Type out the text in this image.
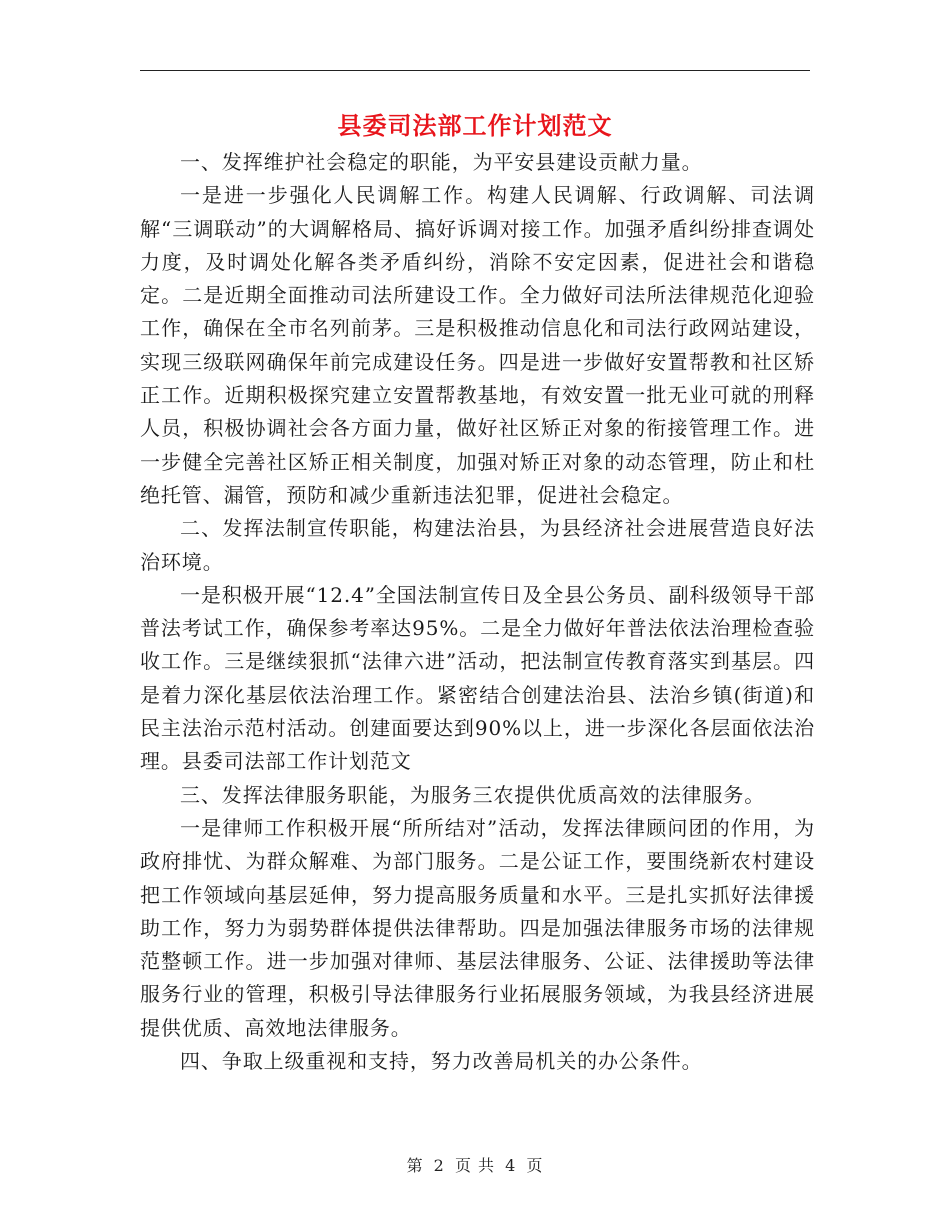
县委司法部工作计划范文

一、发挥维护社会稳定的职能，为平安县建设贡献力量。

一是进一步强化人民调解工作。构建人民调解、行政调解、司法调解“三调联动”的大调解格局、搞好诉调对接工作。加强矛盾纠纷排查调处力度，及时调处化解各类矛盾纠纷，消除不安定因素，促进社会和谐稳定。二是近期全面推动司法所建设工作。全力做好司法所法律规范化迎验工作，确保在全市名列前茅。三是积极推动信息化和司法行政网站建设，实现三级联网确保年前完成建设任务。四是进一步做好安置帮教和社区矫正工作。近期积极探究建立安置帮教基地，有效安置一批无业可就的刑释人员，积极协调社会各方面力量，做好社区矫正对象的衔接管理工作。进一步健全完善社区矫正相关制度，加强对矫正对象的动态管理，防止和杜绝托管、漏管，预防和减少重新违法犯罪，促进社会稳定。

二、发挥法制宣传职能，构建法治县，为县经济社会进展营造良好法治环境。

一是积极开展“12.4”全国法制宣传日及全县公务员、副科级领导干部普法考试工作，确保参考率达95%。二是全力做好年普法依法治理检查验收工作。三是继续狠抓“法律六进”活动，把法制宣传教育落实到基层。四是着力深化基层依法治理工作。紧密结合创建法治县、法治乡镇(街道)和民主法治示范村活动。创建面要达到90%以上，进一步深化各层面依法治理。县委司法部工作计划范文

三、发挥法律服务职能，为服务三农提供优质高效的法律服务。

一是律师工作积极开展“所所结对”活动，发挥法律顾问团的作用，为政府排忧、为群众解难、为部门服务。二是公证工作，要围绕新农村建设把工作领域向基层延伸，努力提高服务质量和水平。三是扎实抓好法律援助工作，努力为弱势群体提供法律帮助。四是加强法律服务市场的法律规范整顿工作。进一步加强对律师、基层法律服务、公证、法律援助等法律服务行业的管理，积极引导法律服务行业拓展服务领域，为我县经济进展提供优质、高效地法律服务。

四、争取上级重视和支持，努力改善局机关的办公条件。

第 2 页 共 4 页
